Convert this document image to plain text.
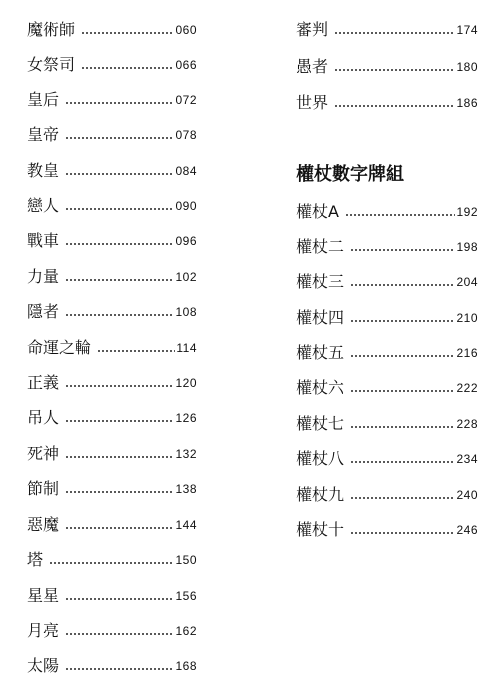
魔術師	060
女祭司	066
皇后	072
皇帝	078
教皇	084
戀人	090
戰車	096
力量	102
隱者	108
命運之輪	114
正義	120
吊人	126
死神	132
節制	138
惡魔	144
塔	150
星星	156
月亮	162
太陽	168
審判	174
愚者	180
世界	186
權杖數字牌組
權杖A	192
權杖二	198
權杖三	204
權杖四	210
權杖五	216
權杖六	222
權杖七	228
權杖八	234
權杖九	240
權杖十	246
